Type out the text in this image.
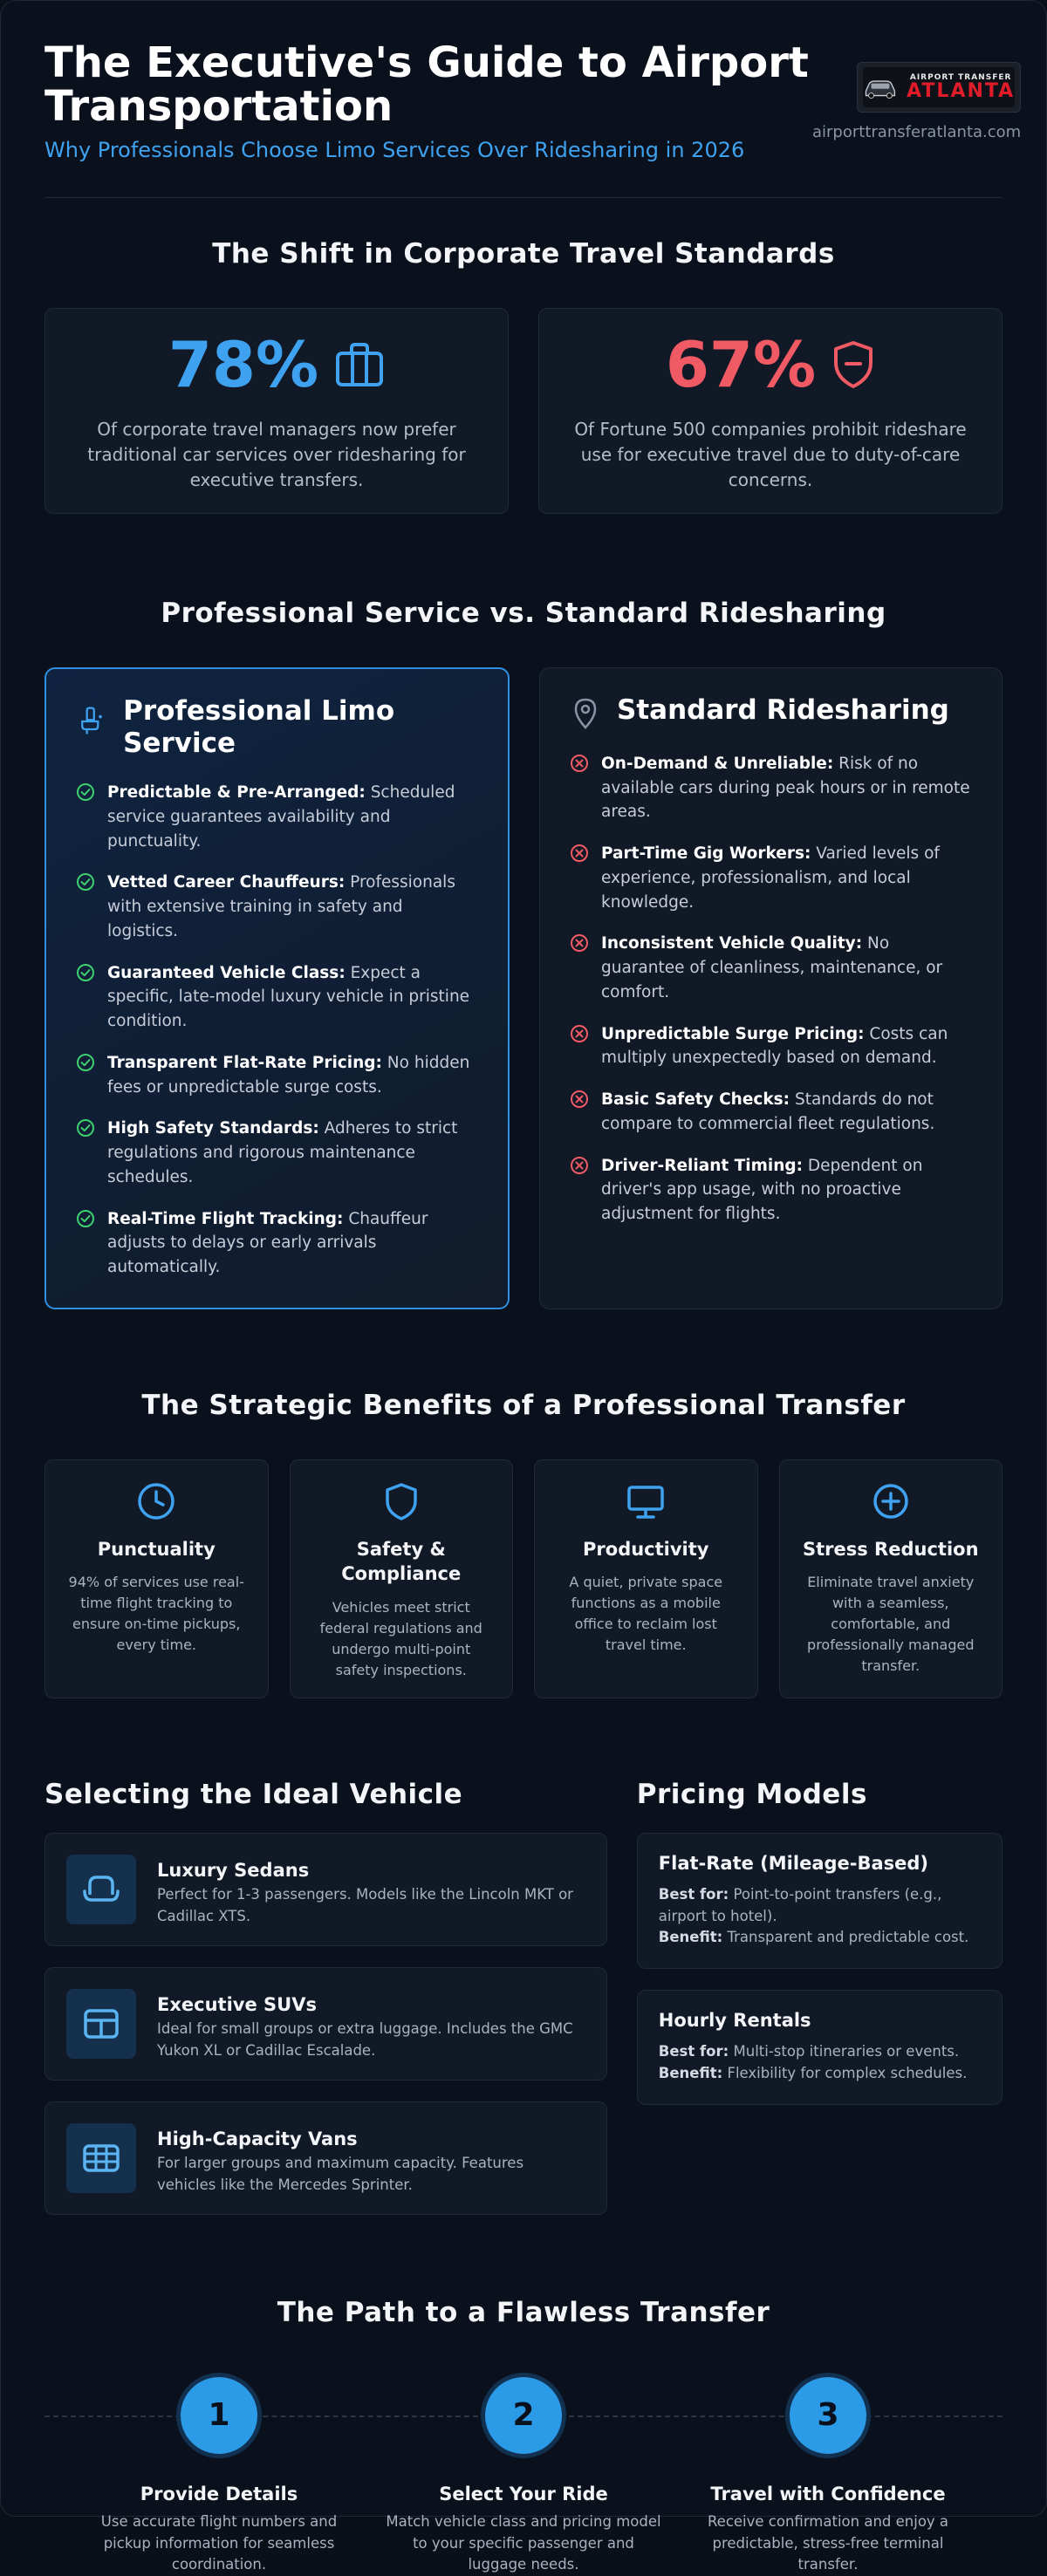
The Executive's Guide to Airport Transportation
Why Professionals Choose Limo Services Over Ridesharing in 2026
AIRPORT TRANSFER
ATLANTA
airporttransferatlanta.com
The Shift in Corporate Travel Standards
78%
Of corporate travel managers now prefer traditional car services over ridesharing for executive transfers.
67%
Of Fortune 500 companies prohibit rideshare use for executive travel due to duty-of-care concerns.
Professional Service vs. Standard Ridesharing
Professional Limo Service
Predictable & Pre-Arranged: Scheduled service guarantees availability and punctuality.
Vetted Career Chauffeurs: Professionals with extensive training in safety and logistics.
Guaranteed Vehicle Class: Expect a specific, late-model luxury vehicle in pristine condition.
Transparent Flat-Rate Pricing: No hidden fees or unpredictable surge costs.
High Safety Standards: Adheres to strict regulations and rigorous maintenance schedules.
Real-Time Flight Tracking: Chauffeur adjusts to delays or early arrivals automatically.
Standard Ridesharing
On-Demand & Unreliable: Risk of no available cars during peak hours or in remote areas.
Part-Time Gig Workers: Varied levels of experience, professionalism, and local knowledge.
Inconsistent Vehicle Quality: No guarantee of cleanliness, maintenance, or comfort.
Unpredictable Surge Pricing: Costs can multiply unexpectedly based on demand.
Basic Safety Checks: Standards do not compare to commercial fleet regulations.
Driver-Reliant Timing: Dependent on driver's app usage, with no proactive adjustment for flights.
The Strategic Benefits of a Professional Transfer
Punctuality
94% of services use real-time flight tracking to ensure on-time pickups, every time.
Safety & Compliance
Vehicles meet strict federal regulations and undergo multi-point safety inspections.
Productivity
A quiet, private space functions as a mobile office to reclaim lost travel time.
Stress Reduction
Eliminate travel anxiety with a seamless, comfortable, and professionally managed transfer.
Selecting the Ideal Vehicle
Luxury Sedans
Perfect for 1-3 passengers. Models like the Lincoln MKT or Cadillac XTS.
Executive SUVs
Ideal for small groups or extra luggage. Includes the GMC Yukon XL or Cadillac Escalade.
High-Capacity Vans
For larger groups and maximum capacity. Features vehicles like the Mercedes Sprinter.
Pricing Models
Flat-Rate (Mileage-Based)
Best for: Point-to-point transfers (e.g., airport to hotel).
Benefit: Transparent and predictable cost.
Hourly Rentals
Best for: Multi-stop itineraries or events.
Benefit: Flexibility for complex schedules.
The Path to a Flawless Transfer
1
Provide Details
Use accurate flight numbers and pickup information for seamless coordination.
2
Select Your Ride
Match vehicle class and pricing model to your specific passenger and luggage needs.
3
Travel with Confidence
Receive confirmation and enjoy a predictable, stress-free terminal transfer.
